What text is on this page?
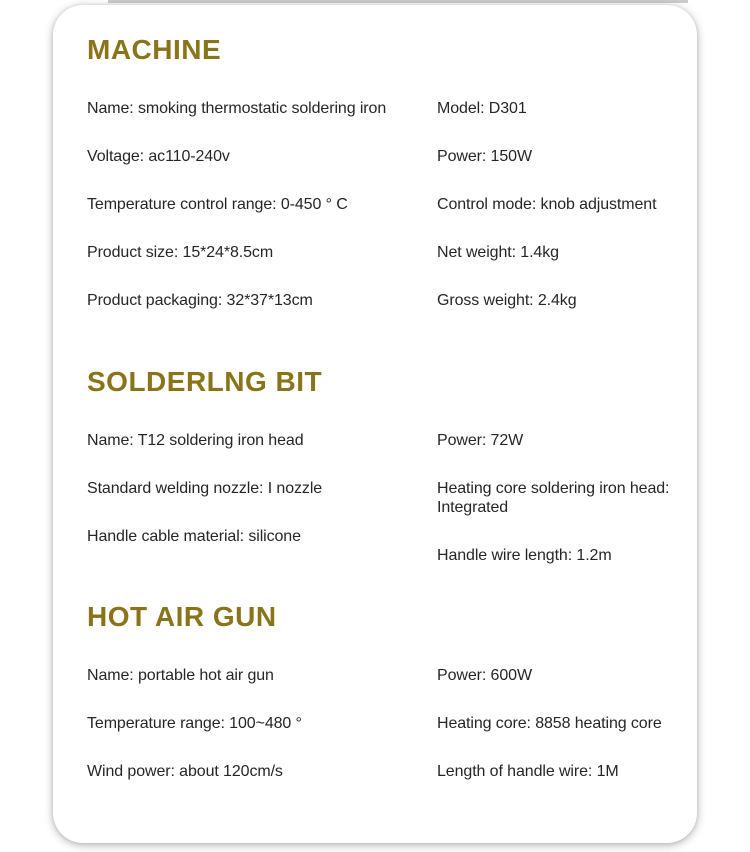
MACHINE

Name: smoking thermostatic soldering iron

Voltage: ac110-240v

Temperature control range: 0-450 ° C

Product size: 15*24*8.5cm

Product packaging: 32*37*13cm

Model: D301

Power: 150W

Control mode: knob adjustment

Net weight: 1.4kg

Gross weight: 2.4kg

SOLDERLNG BIT

Name: T12 soldering iron head

Standard welding nozzle: I nozzle

Handle cable material: silicone

Power: 72W

Heating core soldering iron head: Integrated

Handle wire length: 1.2m

HOT AIR GUN

Name: portable hot air gun

Temperature range: 100~480 °

Wind power: about 120cm/s

Power: 600W

Heating core: 8858 heating core

Length of handle wire: 1M
